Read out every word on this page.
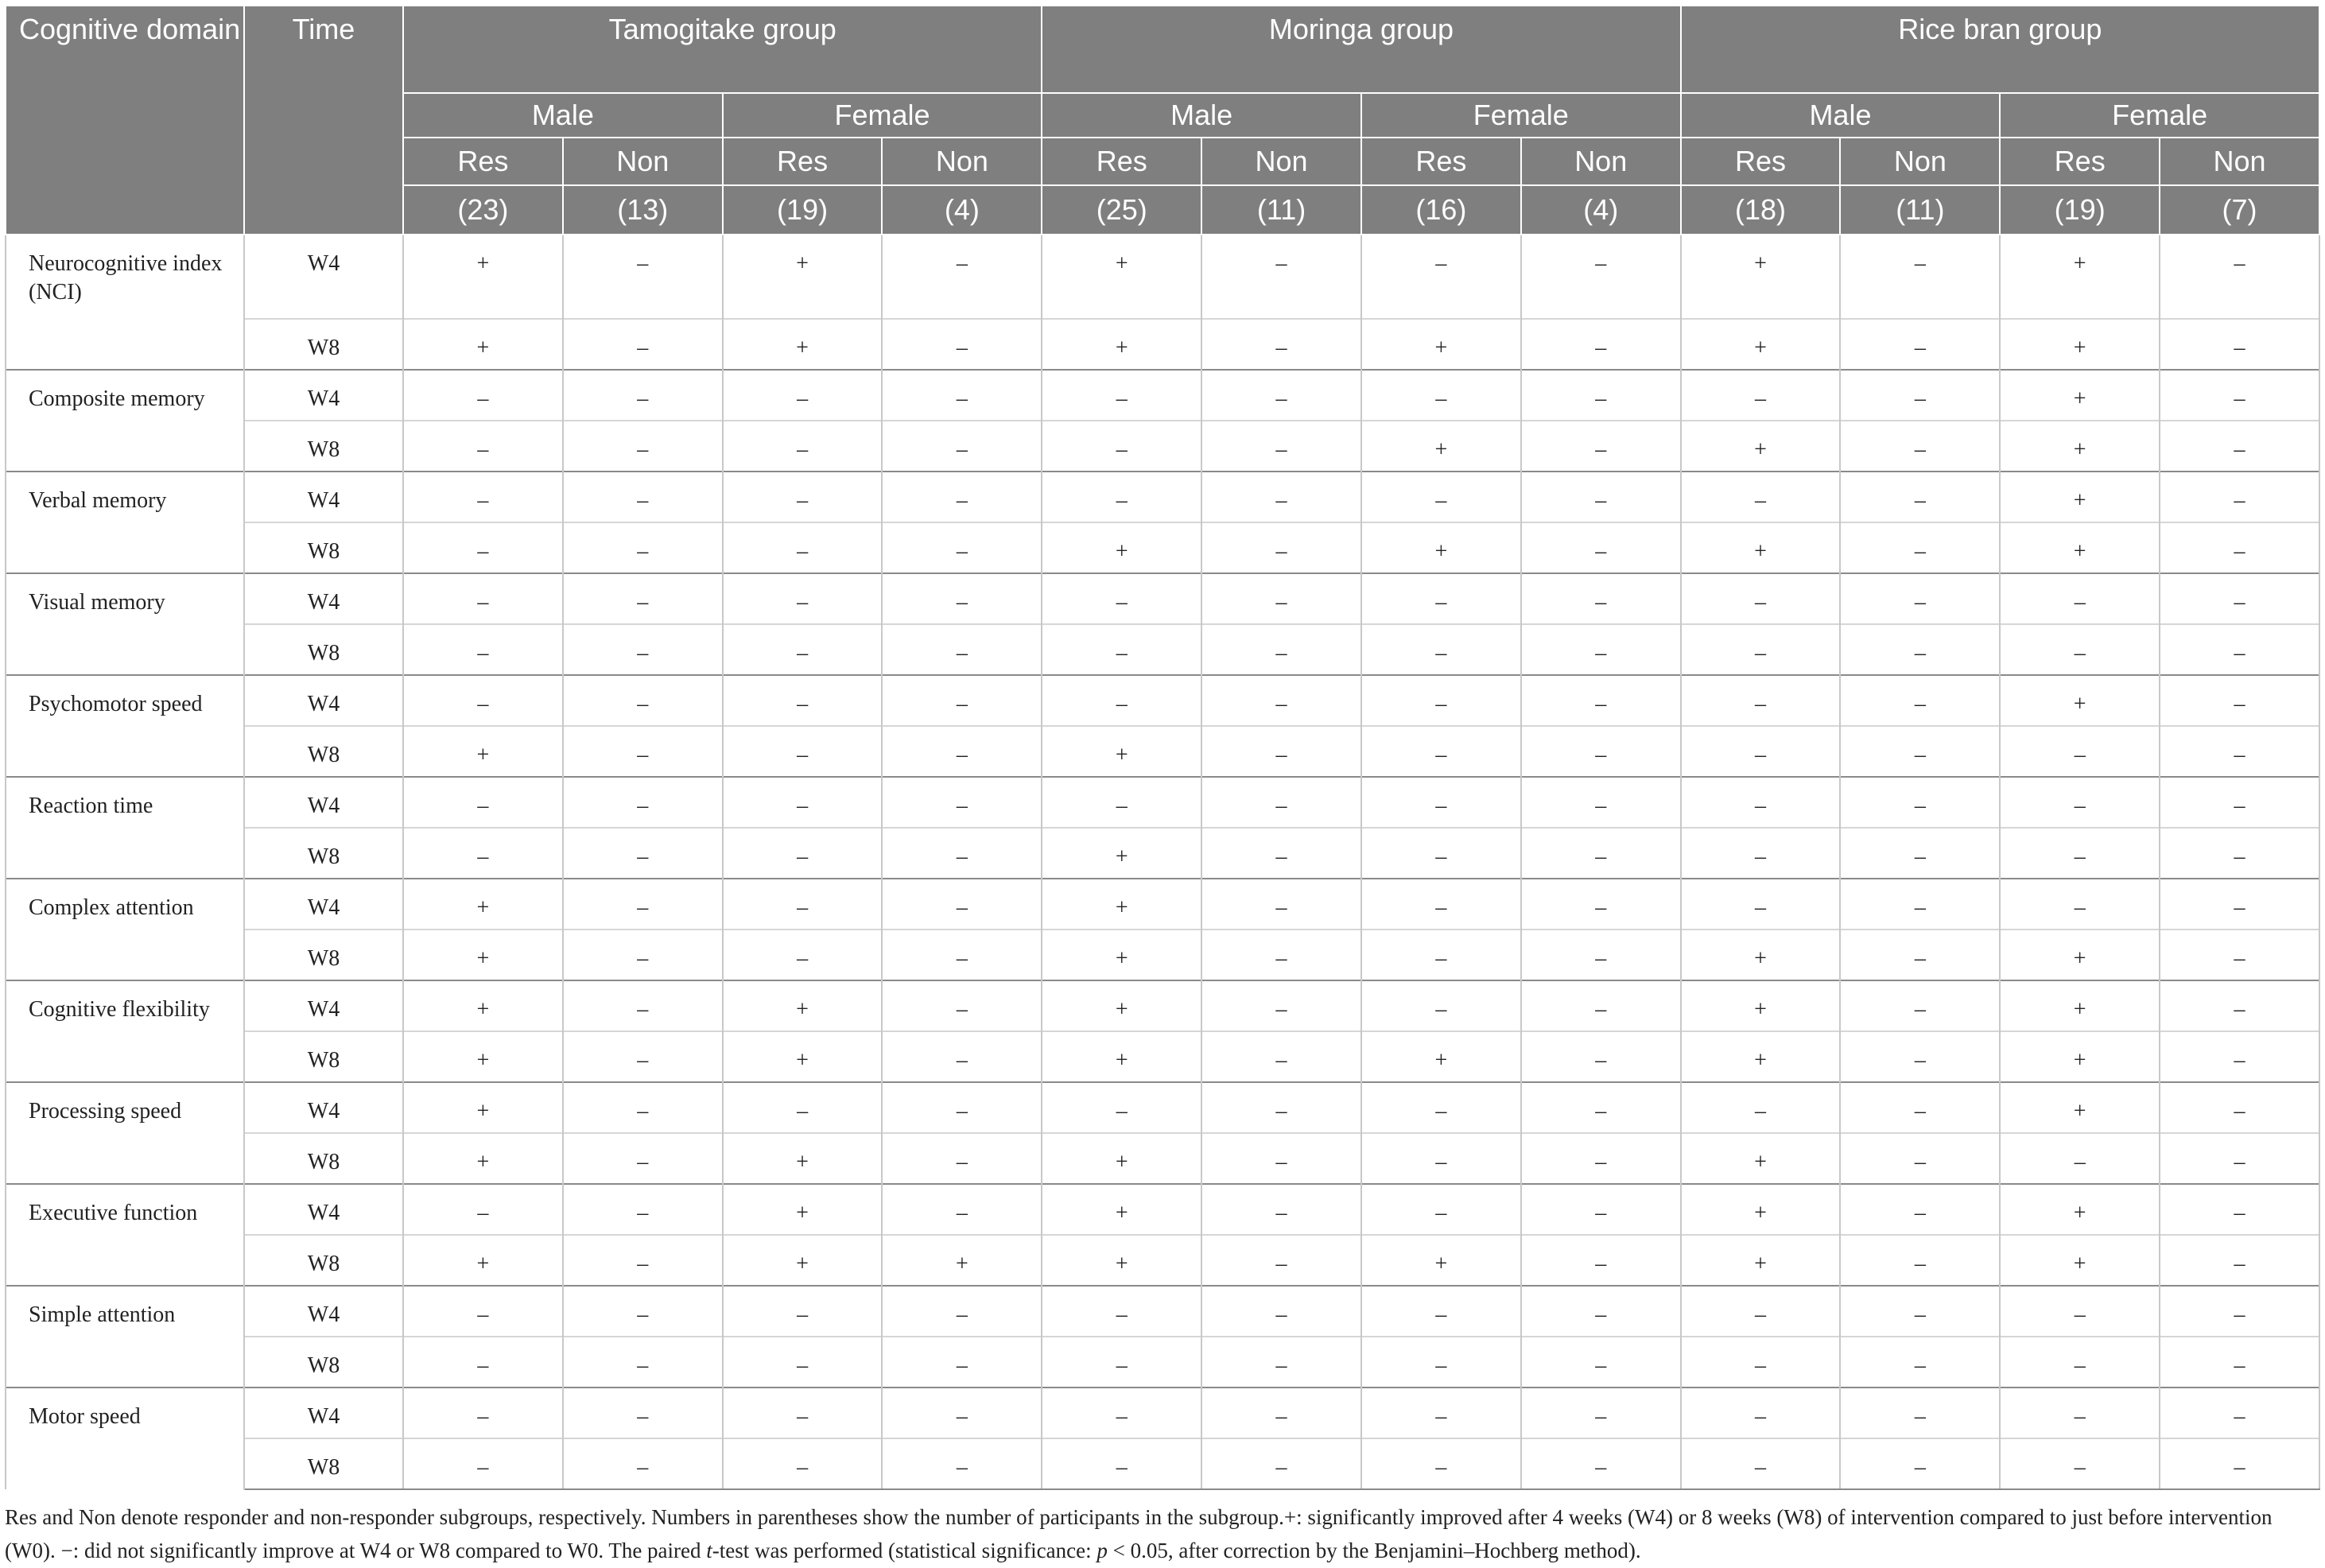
Cognitive domain	Time	Tamogitake group				Moringa group				Rice bran group			
		Male		Female		Male		Female		Male		Female	
		Res	Non	Res	Non	Res	Non	Res	Non	Res	Non	Res	Non
		(23)	(13)	(19)	(4)	(25)	(11)	(16)	(4)	(18)	(11)	(19)	(7)
Neurocognitive index (NCI)	W4	+	–	+	–	+	–	–	–	+	–	+	–
	W8	+	–	+	–	+	–	+	–	+	–	+	–
Composite memory	W4	–	–	–	–	–	–	–	–	–	–	+	–
	W8	–	–	–	–	–	–	+	–	+	–	+	–
Verbal memory	W4	–	–	–	–	–	–	–	–	–	–	+	–
	W8	–	–	–	–	+	–	+	–	+	–	+	–
Visual memory	W4	–	–	–	–	–	–	–	–	–	–	–	–
	W8	–	–	–	–	–	–	–	–	–	–	–	–
Psychomotor speed	W4	–	–	–	–	–	–	–	–	–	–	+	–
	W8	+	–	–	–	+	–	–	–	–	–	–	–
Reaction time	W4	–	–	–	–	–	–	–	–	–	–	–	–
	W8	–	–	–	–	+	–	–	–	–	–	–	–
Complex attention	W4	+	–	–	–	+	–	–	–	–	–	–	–
	W8	+	–	–	–	+	–	–	–	+	–	+	–
Cognitive flexibility	W4	+	–	+	–	+	–	–	–	+	–	+	–
	W8	+	–	+	–	+	–	+	–	+	–	+	–
Processing speed	W4	+	–	–	–	–	–	–	–	–	–	+	–
	W8	+	–	+	–	+	–	–	–	+	–	–	–
Executive function	W4	–	–	+	–	+	–	–	–	+	–	+	–
	W8	+	–	+	+	+	–	+	–	+	–	+	–
Simple attention	W4	–	–	–	–	–	–	–	–	–	–	–	–
	W8	–	–	–	–	–	–	–	–	–	–	–	–
Motor speed	W4	–	–	–	–	–	–	–	–	–	–	–	–
	W8	–	–	–	–	–	–	–	–	–	–	–	–
Res and Non denote responder and non-responder subgroups, respectively. Numbers in parentheses show the number of participants in the subgroup.+: significantly improved after 4 weeks (W4) or 8 weeks (W8) of intervention compared to just before intervention (W0). −: did not significantly improve at W4 or W8 compared to W0. The paired t-test was performed (statistical significance: p < 0.05, after correction by the Benjamini–Hochberg method).
